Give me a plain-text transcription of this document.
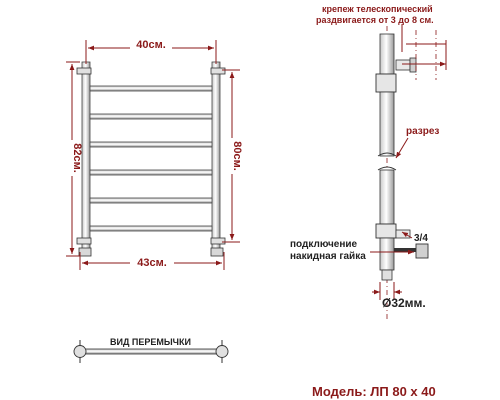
40см.
43см.
82см.	80см.
Ø32мм.
крепеж телескопический
раздвигается от 3 до 8 см.
разрез
3/4
подключение
накидная гайка
ВИД ПЕРЕМЫЧКИ
Модель: ЛП 80 х 40
